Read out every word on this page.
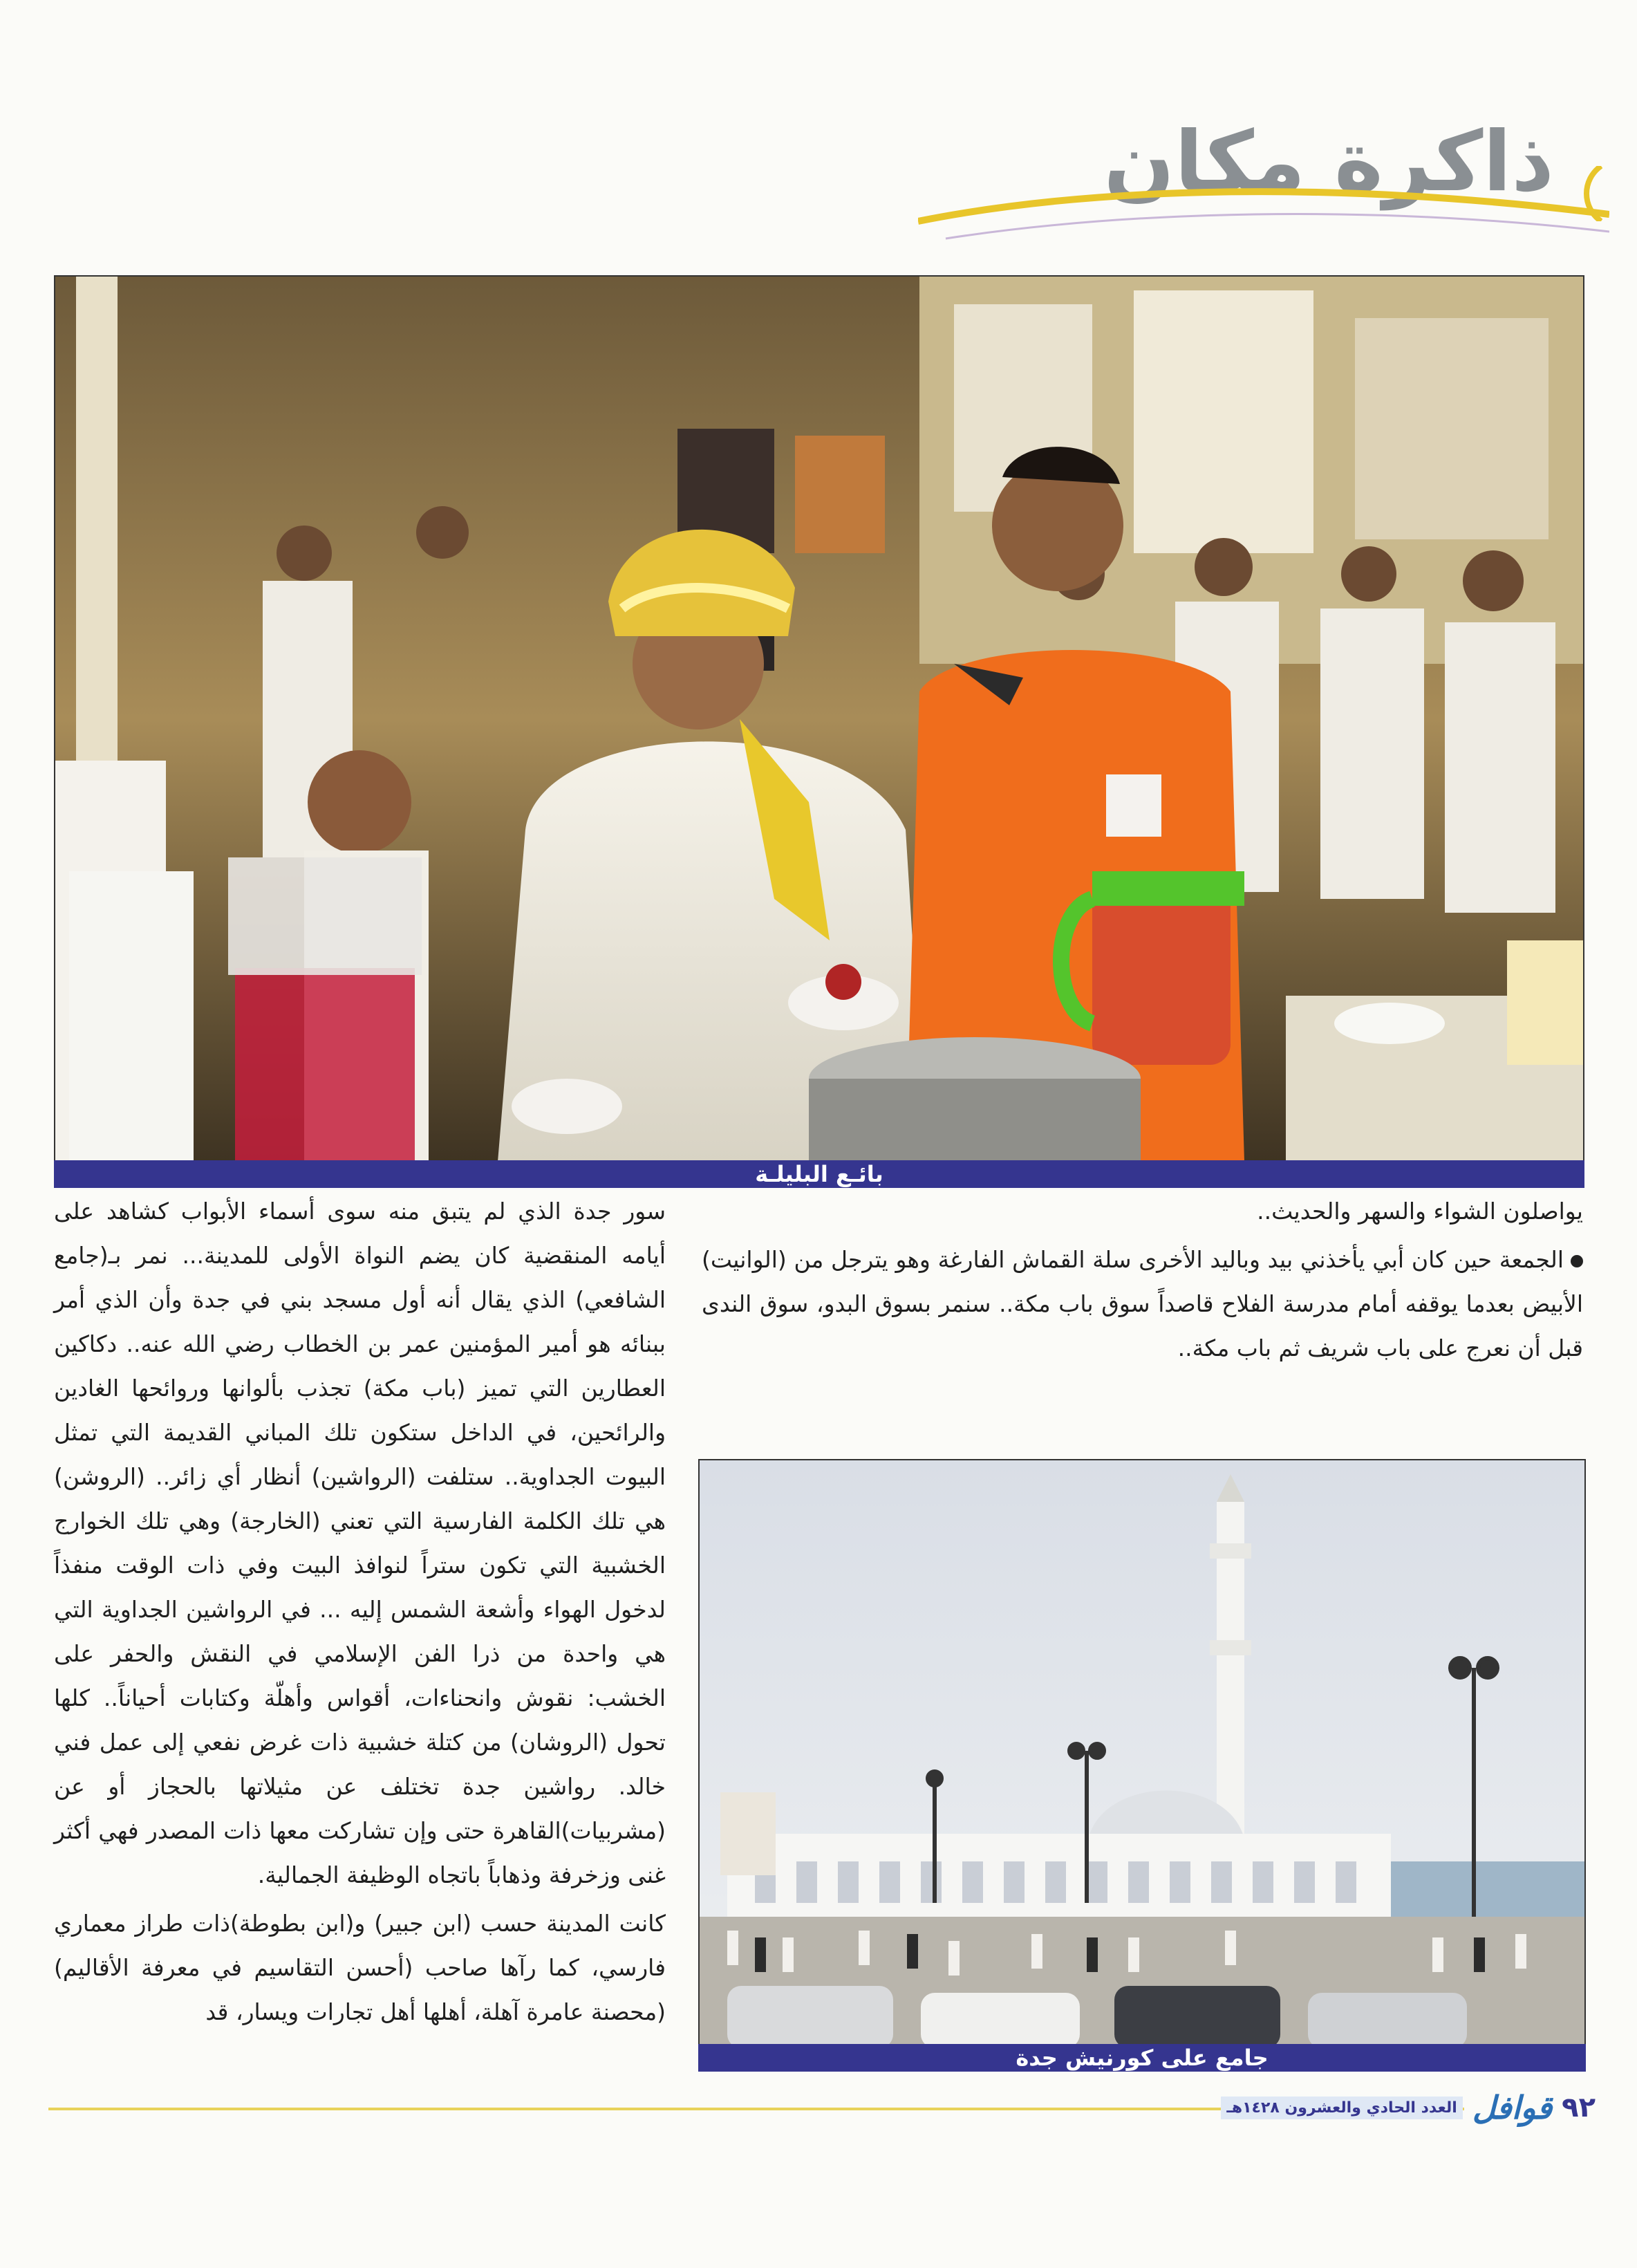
ذاكرة مكان
بائـع البليلـة

يواصلون الشواء والسهر والحديث..

الجمعة حين كان أبي يأخذني بيد وباليد الأخرى سلة القماش الفارغة وهو يترجل من (الوانيت) الأبيض بعدما يوقفه أمام مدرسة الفلاح قاصداً سوق باب مكة.. سنمر بسوق البدو، سوق الندى قبل أن نعرج على باب شريف ثم باب مكة..

جامع على كورنيش جدة

سور جدة الذي لم يتبق منه سوى أسماء الأبواب كشاهد على أيامه المنقضية كان يضم النواة الأولى للمدينة... نمر بـ(جامع الشافعي) الذي يقال أنه أول مسجد بني في جدة وأن الذي أمر ببنائه هو أمير المؤمنين عمر بن الخطاب رضي الله عنه.. دكاكين العطارين التي تميز (باب مكة) تجذب بألوانها وروائحها الغادين والرائحين، في الداخل ستكون تلك المباني القديمة التي تمثل البيوت الجداوية.. ستلفت (الرواشين) أنظار أي زائر.. (الروشن) هي تلك الكلمة الفارسية التي تعني (الخارجة) وهي تلك الخوارج الخشبية التي تكون ستراً لنوافذ البيت وفي ذات الوقت منفذاً لدخول الهواء وأشعة الشمس إليه ... في الرواشين الجداوية التي هي واحدة من ذرا الفن الإسلامي في النقش والحفر على الخشب: نقوش وانحناءات، أقواس وأهلّة وكتابات أحياناً.. كلها تحول (الروشان) من كتلة خشبية ذات غرض نفعي إلى عمل فني خالد. رواشين جدة تختلف عن مثيلاتها بالحجاز أو عن (مشربيات)القاهرة حتى وإن تشاركت معها ذات المصدر فهي أكثر غنى وزخرفة وذهاباً باتجاه الوظيفة الجمالية.

كانت المدينة حسب (ابن جبير) و(ابن بطوطة)ذات طراز معماري فارسي، كما رآها صاحب (أحسن التقاسيم في معرفة الأقاليم)(محصنة عامرة آهلة، أهلها أهل تجارات ويسار، قد

٩٢
قوافل
العدد الحادي والعشرون ١٤٢٨هـ
